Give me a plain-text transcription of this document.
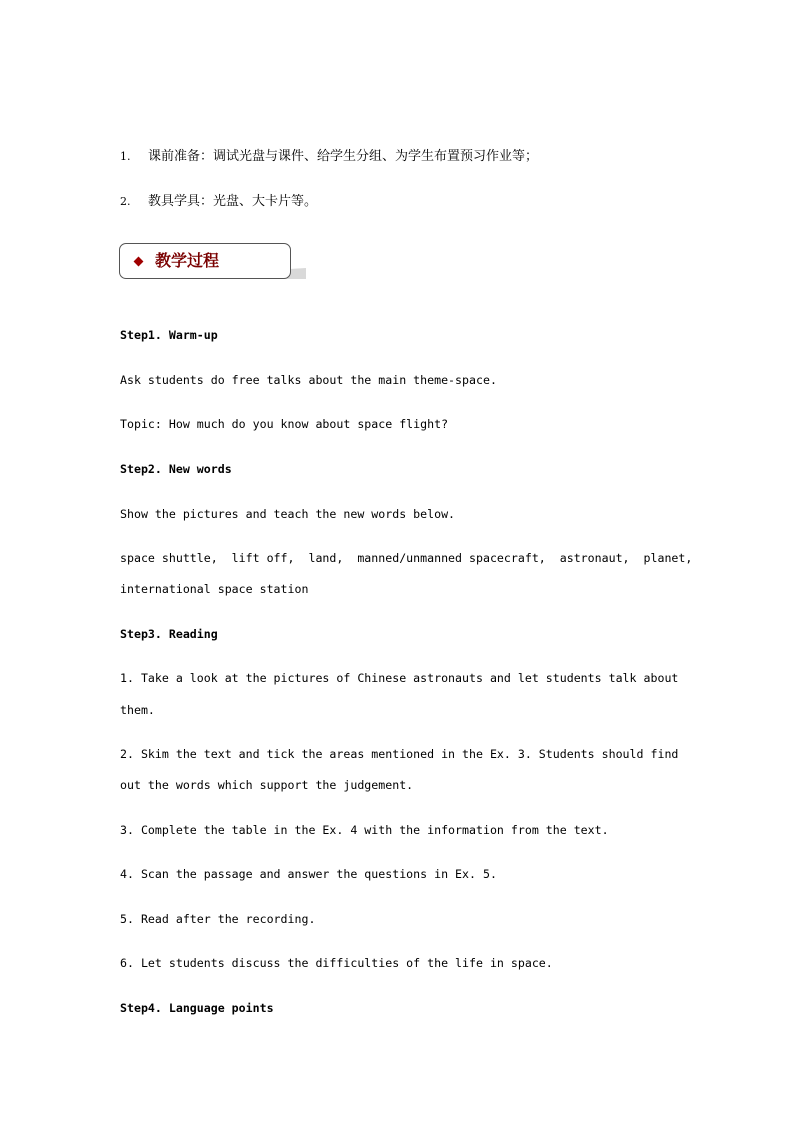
1. 课前准备：调试光盘与课件、给学生分组、为学生布置预习作业等；
2. 教具学具：光盘、大卡片等。
教学过程
Step1. Warm-up
Ask students do free talks about the main theme-space.
Topic: How much do you know about space flight?
Step2. New words
Show the pictures and teach the new words below.
space shuttle,  lift off,  land,  manned/unmanned spacecraft,  astronaut,  planet,
international space station
Step3. Reading
1. Take a look at the pictures of Chinese astronauts and let students talk about
them.
2. Skim the text and tick the areas mentioned in the Ex. 3. Students should find
out the words which support the judgement.
3. Complete the table in the Ex. 4 with the information from the text.
4. Scan the passage and answer the questions in Ex. 5.
5. Read after the recording.
6. Let students discuss the difficulties of the life in space.
Step4. Language points
